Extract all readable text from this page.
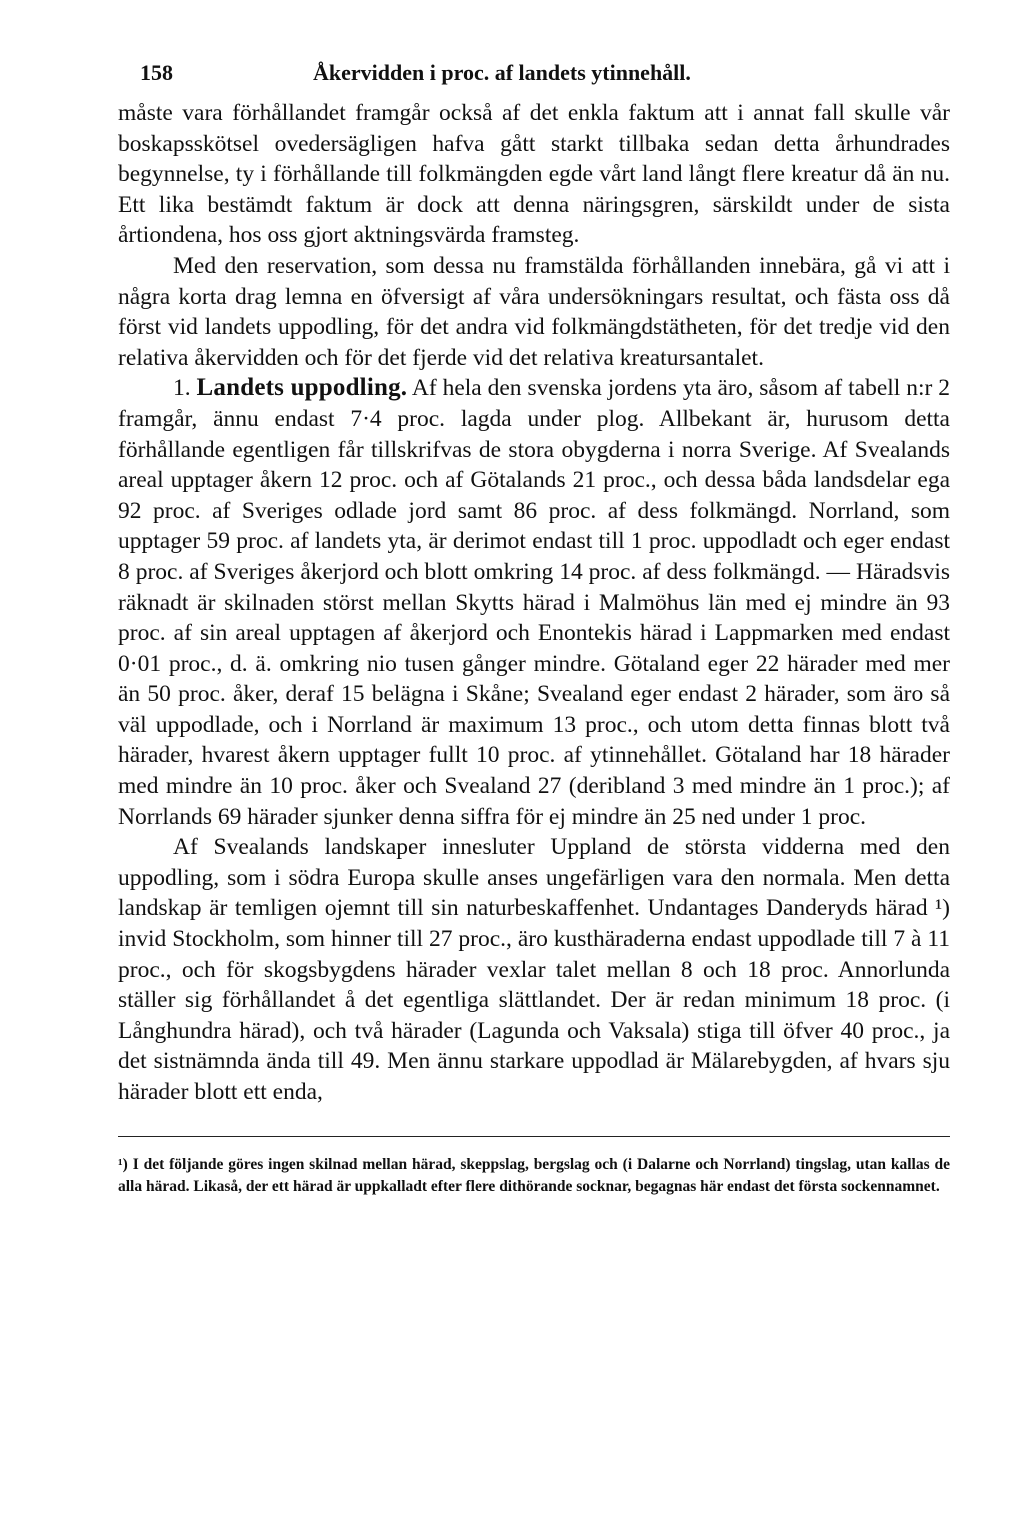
158	Åkervidden i proc. af landets ytinnehåll.

måste vara förhållandet framgår också af det enkla faktum att i annat fall skulle vår boskapsskötsel ovedersägligen hafva gått starkt tillbaka sedan detta århundrades begynnelse, ty i förhållande till folkmängden egde vårt land långt flere kreatur då än nu. Ett lika bestämdt faktum är dock att denna näringsgren, särskildt under de sista årtiondena, hos oss gjort aktningsvärda framsteg.

Med den reservation, som dessa nu framstälda förhållanden innebära, gå vi att i några korta drag lemna en öfversigt af våra undersökningars resultat, och fästa oss då först vid landets uppodling, för det andra vid folkmängdstätheten, för det tredje vid den relativa åkervidden och för det fjerde vid det relativa kreatursantalet.

1. Landets uppodling. Af hela den svenska jordens yta äro, såsom af tabell n:r 2 framgår, ännu endast 7·4 proc. lagda under plog. Allbekant är, hurusom detta förhållande egentligen får tillskrifvas de stora obygderna i norra Sverige. Af Svealands areal upptager åkern 12 proc. och af Götalands 21 proc., och dessa båda landsdelar ega 92 proc. af Sveriges odlade jord samt 86 proc. af dess folkmängd. Norrland, som upptager 59 proc. af landets yta, är derimot endast till 1 proc. uppodladt och eger endast 8 proc. af Sveriges åkerjord och blott omkring 14 proc. af dess folkmängd. — Häradsvis räknadt är skilnaden störst mellan Skytts härad i Malmöhus län med ej mindre än 93 proc. af sin areal upptagen af åkerjord och Enontekis härad i Lappmarken med endast 0·01 proc., d. ä. omkring nio tusen gånger mindre. Götaland eger 22 härader med mer än 50 proc. åker, deraf 15 belägna i Skåne; Svealand eger endast 2 härader, som äro så väl uppodlade, och i Norrland är maximum 13 proc., och utom detta finnas blott två härader, hvarest åkern upptager fullt 10 proc. af ytinnehållet. Götaland har 18 härader med mindre än 10 proc. åker och Svealand 27 (deribland 3 med mindre än 1 proc.); af Norrlands 69 härader sjunker denna siffra för ej mindre än 25 ned under 1 proc.

Af Svealands landskaper innesluter Uppland de största vidderna med den uppodling, som i södra Europa skulle anses ungefärligen vara den normala. Men detta landskap är temligen ojemnt till sin naturbeskaffenhet. Undantages Danderyds härad ¹) invid Stockholm, som hinner till 27 proc., äro kusthäraderna endast uppodlade till 7 à 11 proc., och för skogsbygdens härader vexlar talet mellan 8 och 18 proc. Annorlunda ställer sig förhållandet å det egentliga slättlandet. Der är redan minimum 18 proc. (i Långhundra härad), och två härader (Lagunda och Vaksala) stiga till öfver 40 proc., ja det sistnämnda ända till 49. Men ännu starkare uppodlad är Mälarebygden, af hvars sju härader blott ett enda,

¹) I det följande göres ingen skilnad mellan härad, skeppslag, bergslag och (i Dalarne och Norrland) tingslag, utan kallas de alla härad. Likaså, der ett härad är uppkalladt efter flere dithörande socknar, begagnas här endast det första sockennamnet.
